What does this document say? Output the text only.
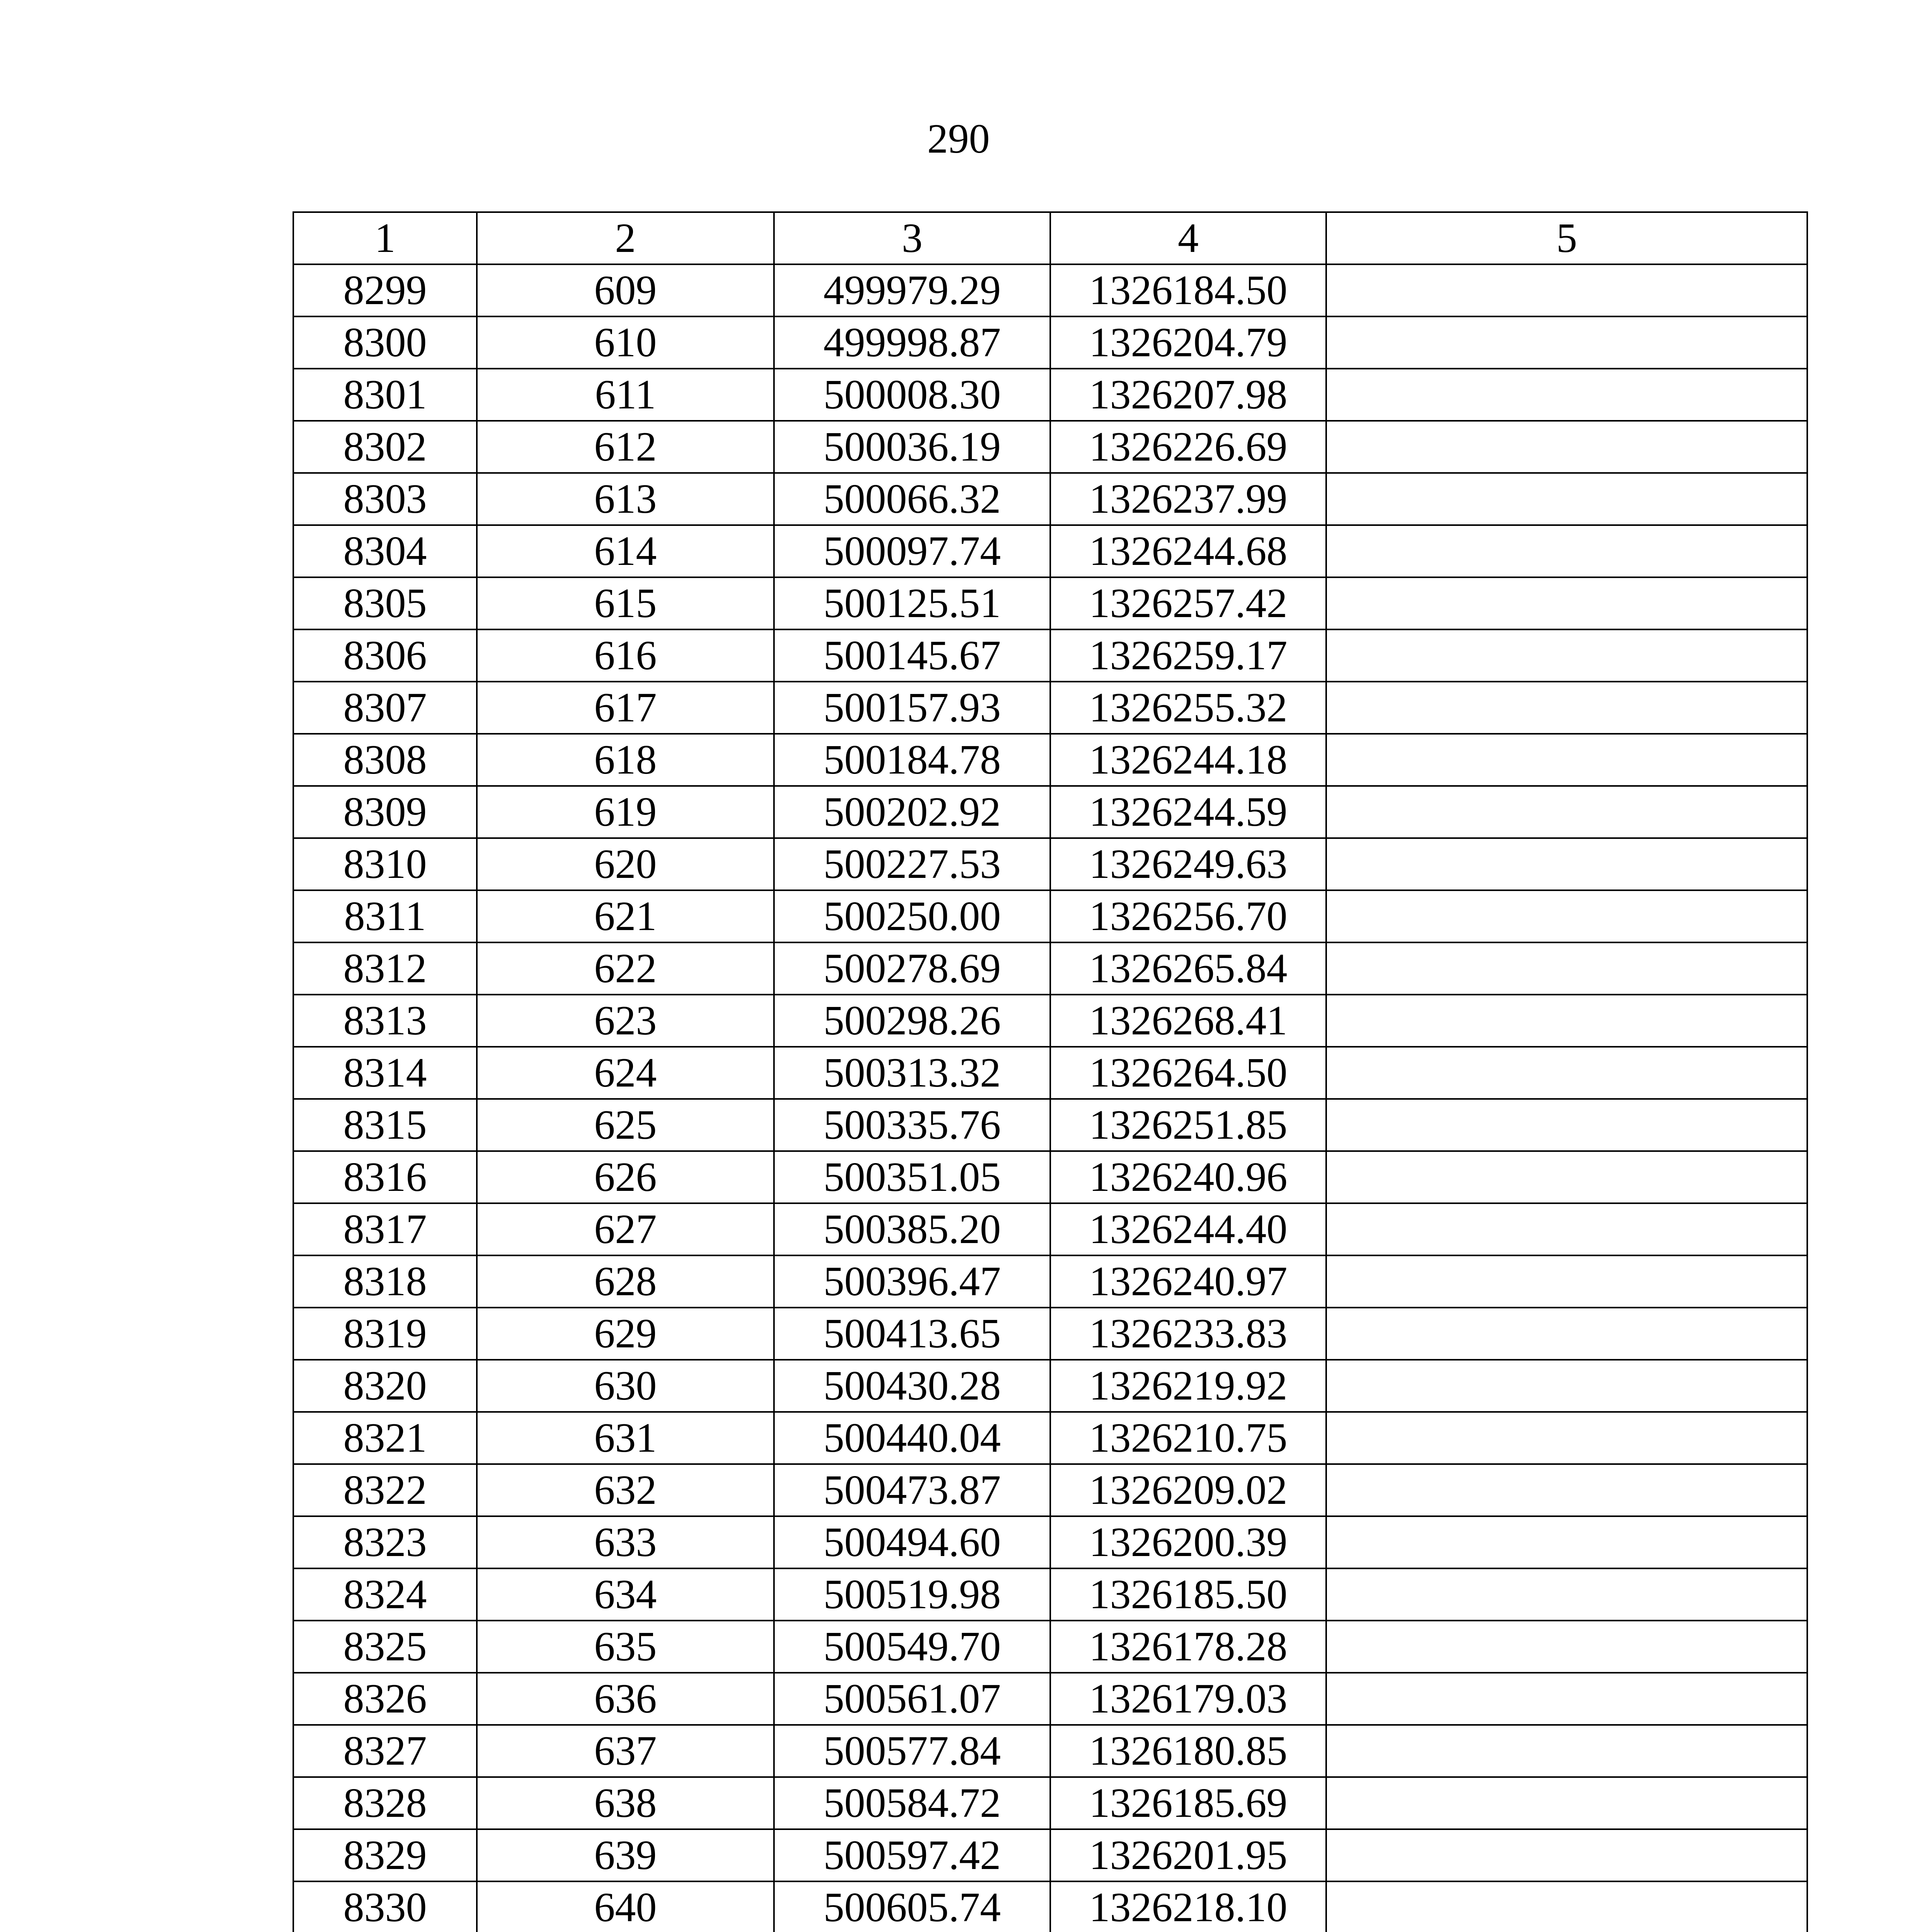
290
1	2	3	4	5
8299	609	499979.29	1326184.50	
8300	610	499998.87	1326204.79	
8301	611	500008.30	1326207.98	
8302	612	500036.19	1326226.69	
8303	613	500066.32	1326237.99	
8304	614	500097.74	1326244.68	
8305	615	500125.51	1326257.42	
8306	616	500145.67	1326259.17	
8307	617	500157.93	1326255.32	
8308	618	500184.78	1326244.18	
8309	619	500202.92	1326244.59	
8310	620	500227.53	1326249.63	
8311	621	500250.00	1326256.70	
8312	622	500278.69	1326265.84	
8313	623	500298.26	1326268.41	
8314	624	500313.32	1326264.50	
8315	625	500335.76	1326251.85	
8316	626	500351.05	1326240.96	
8317	627	500385.20	1326244.40	
8318	628	500396.47	1326240.97	
8319	629	500413.65	1326233.83	
8320	630	500430.28	1326219.92	
8321	631	500440.04	1326210.75	
8322	632	500473.87	1326209.02	
8323	633	500494.60	1326200.39	
8324	634	500519.98	1326185.50	
8325	635	500549.70	1326178.28	
8326	636	500561.07	1326179.03	
8327	637	500577.84	1326180.85	
8328	638	500584.72	1326185.69	
8329	639	500597.42	1326201.95	
8330	640	500605.74	1326218.10	
